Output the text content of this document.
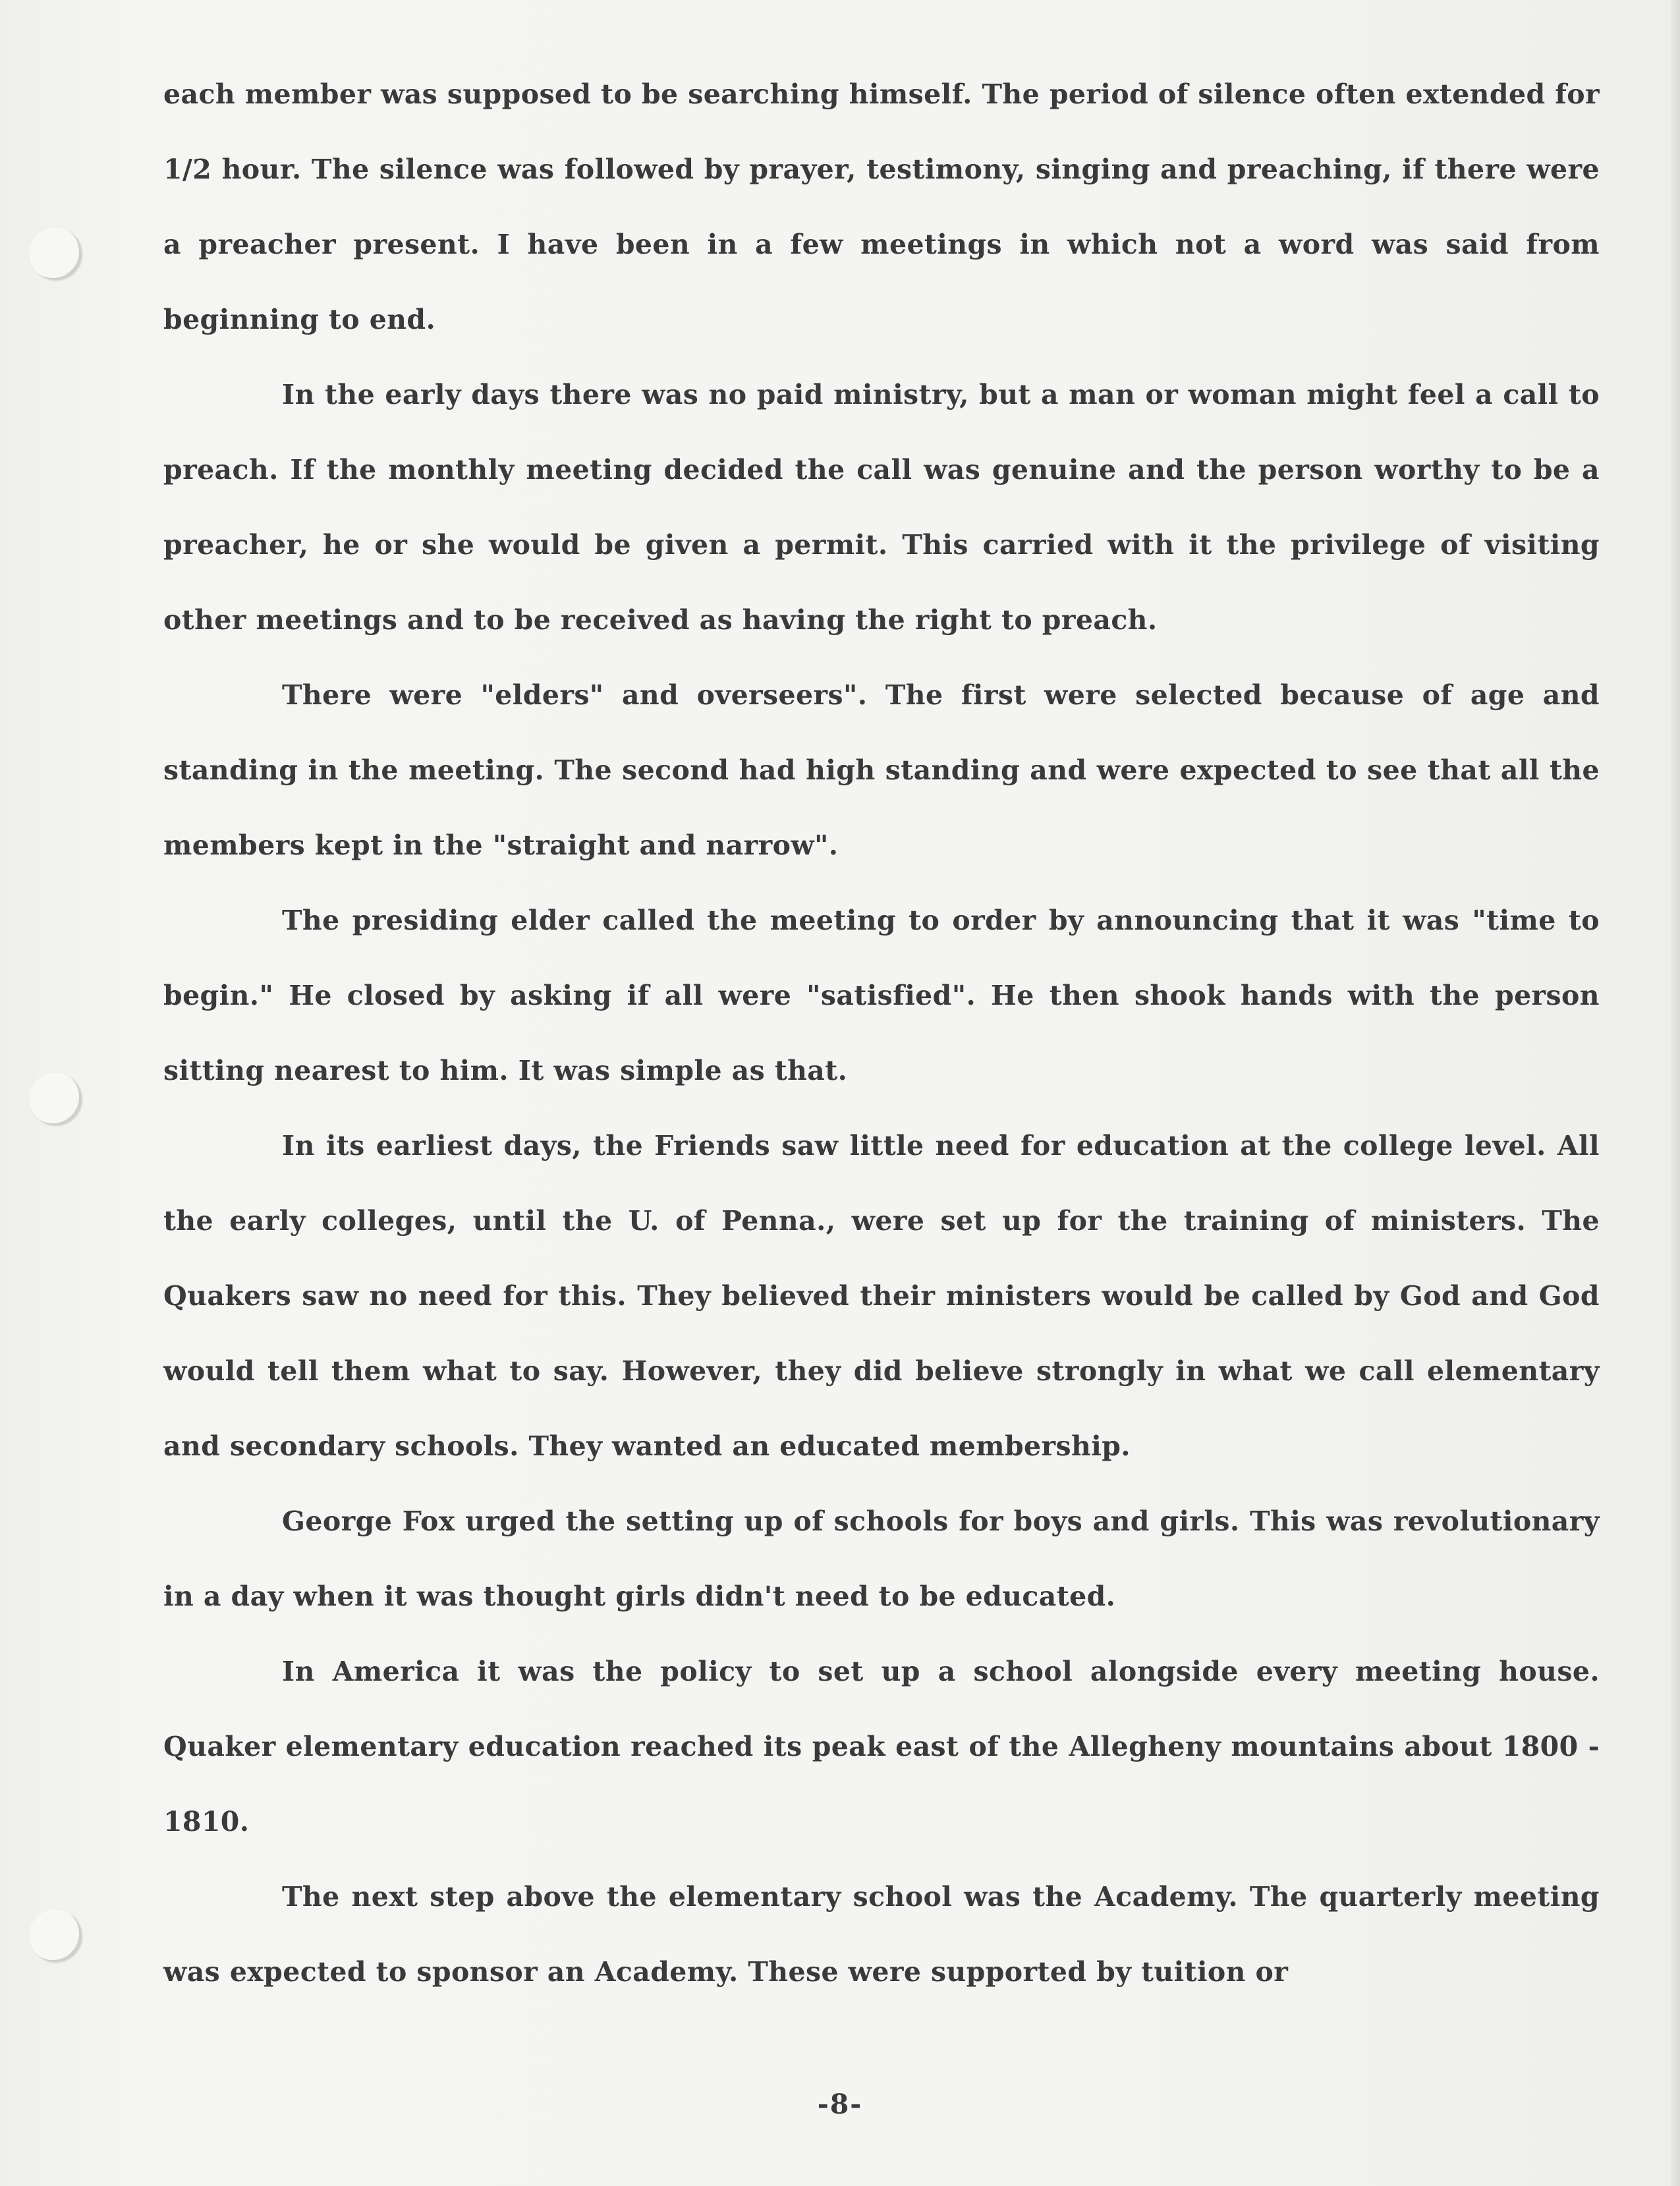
each member was supposed to be searching himself. The period of silence often extended for 1/2 hour. The silence was followed by prayer, testimony, singing and preaching, if there were a preacher present. I have been in a few meetings in which not a word was said from beginning to end.

In the early days there was no paid ministry, but a man or woman might feel a call to preach. If the monthly meeting decided the call was genuine and the person worthy to be a preacher, he or she would be given a permit. This carried with it the privilege of visiting other meetings and to be received as having the right to preach.

There were "elders" and overseers". The first were selected because of age and standing in the meeting. The second had high standing and were expected to see that all the members kept in the "straight and narrow".

The presiding elder called the meeting to order by announcing that it was "time to begin." He closed by asking if all were "satisfied". He then shook hands with the person sitting nearest to him. It was simple as that.

In its earliest days, the Friends saw little need for education at the college level. All the early colleges, until the U. of Penna., were set up for the training of ministers. The Quakers saw no need for this. They believed their ministers would be called by God and God would tell them what to say. However, they did believe strongly in what we call elementary and secondary schools. They wanted an educated membership.

George Fox urged the setting up of schools for boys and girls. This was revolutionary in a day when it was thought girls didn't need to be educated.

In America it was the policy to set up a school alongside every meeting house. Quaker elementary education reached its peak east of the Allegheny mountains about 1800 - 1810.

The next step above the elementary school was the Academy. The quarterly meeting was expected to sponsor an Academy. These were supported by tuition or

-8-
